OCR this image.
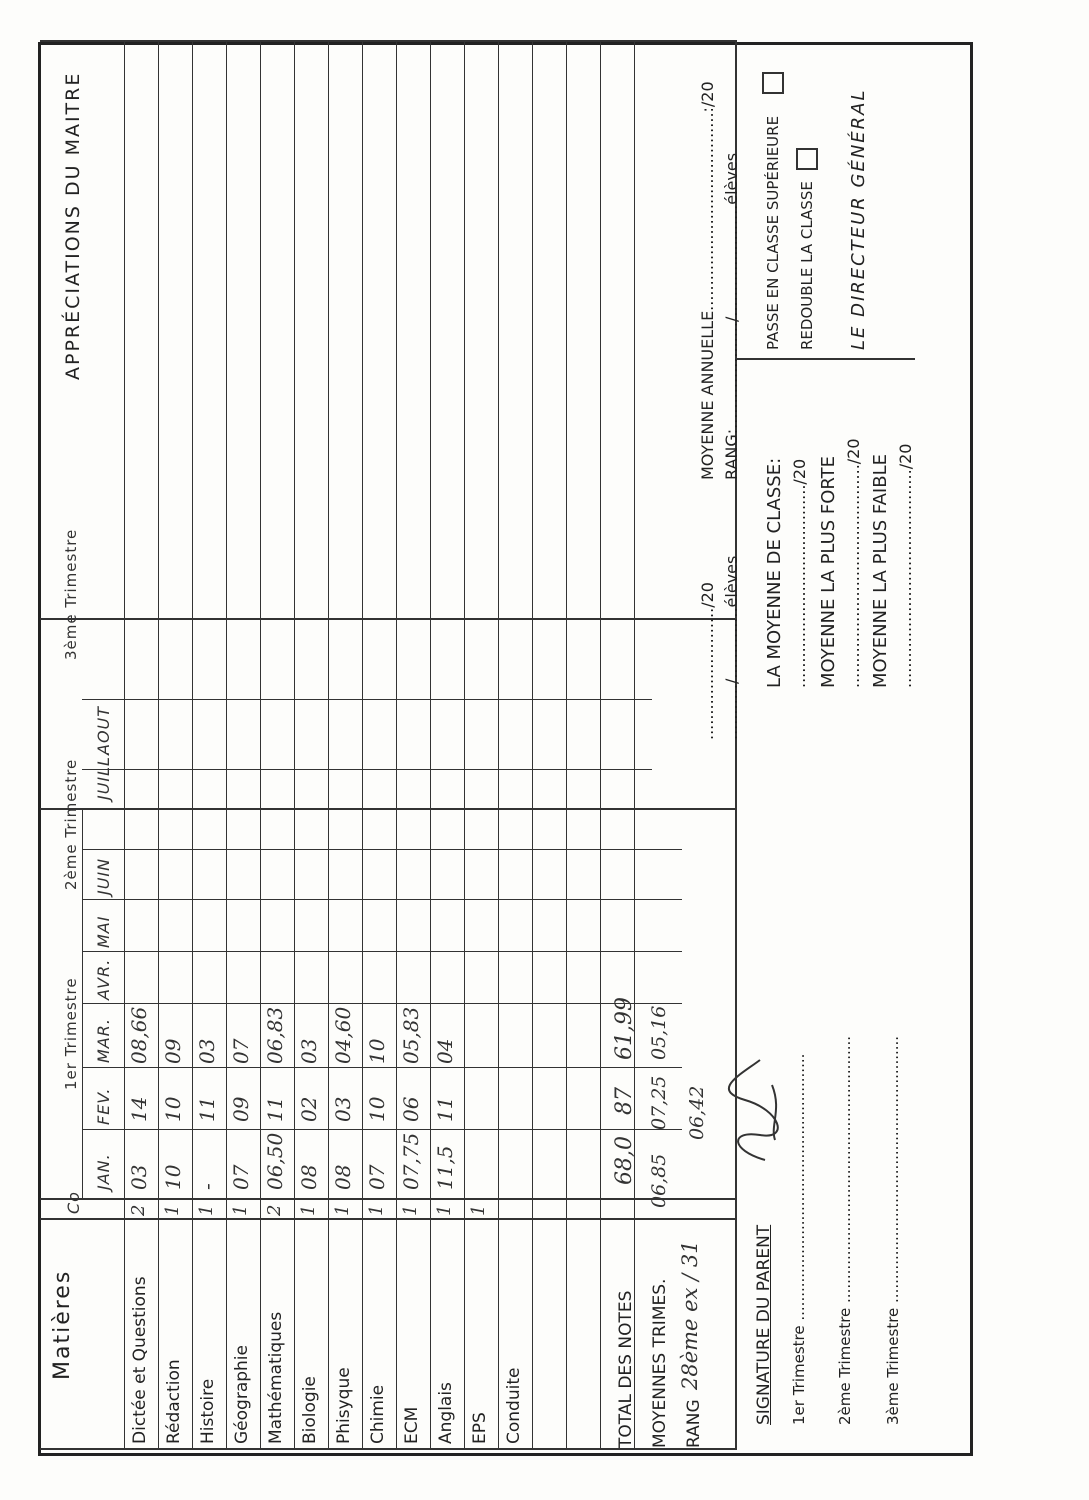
Matières
Co
1er Trimestre
2ème Trimestre
3ème Trimestre
APPRÉCIATIONS DU MAITRE
JAN.
FEV.
MAR.
AVR.
MAI
JUIN
JUILL.
AOUT
Dictée et Questions
2
03
14
08,66
Rédaction
1
10
10
09
Histoire
1
-
11
03
Géographie
1
07
09
07
Mathématiques
2
06,50
11
06,83
Biologie
1
08
02
03
Phisyque
1
08
03
04,60
Chimie
1
07
10
10
ECM
1
07,75
06
05,83
Anglais
1
11,5
11
04
EPS
1
Conduite	TOTAL DES NOTES
68,0
87
61,99
MOYENNES TRIMES.
06,85
07,25
05,16
RANG
28ème ex / 31
06,42
........................../20 .........../..............élèves
MOYENNE ANNUELLE.......................................:/20 RANG:...................../......................élèves
LA MOYENNE DE CLASSE: ......................................../20 MOYENNE LA PLUS FORTE ............................................/20 MOYENNE LA PLUS FAIBLE .........................................../20
PASSE EN CLASSE SUPÉRIEURE REDOUBLE LA CLASSE LE DIRECTEUR GÉNÉRAL
SIGNATURE DU PARENT 1er Trimestre ........................................................ 2ème Trimestre ........................................................ 3ème Trimestre ........................................................
